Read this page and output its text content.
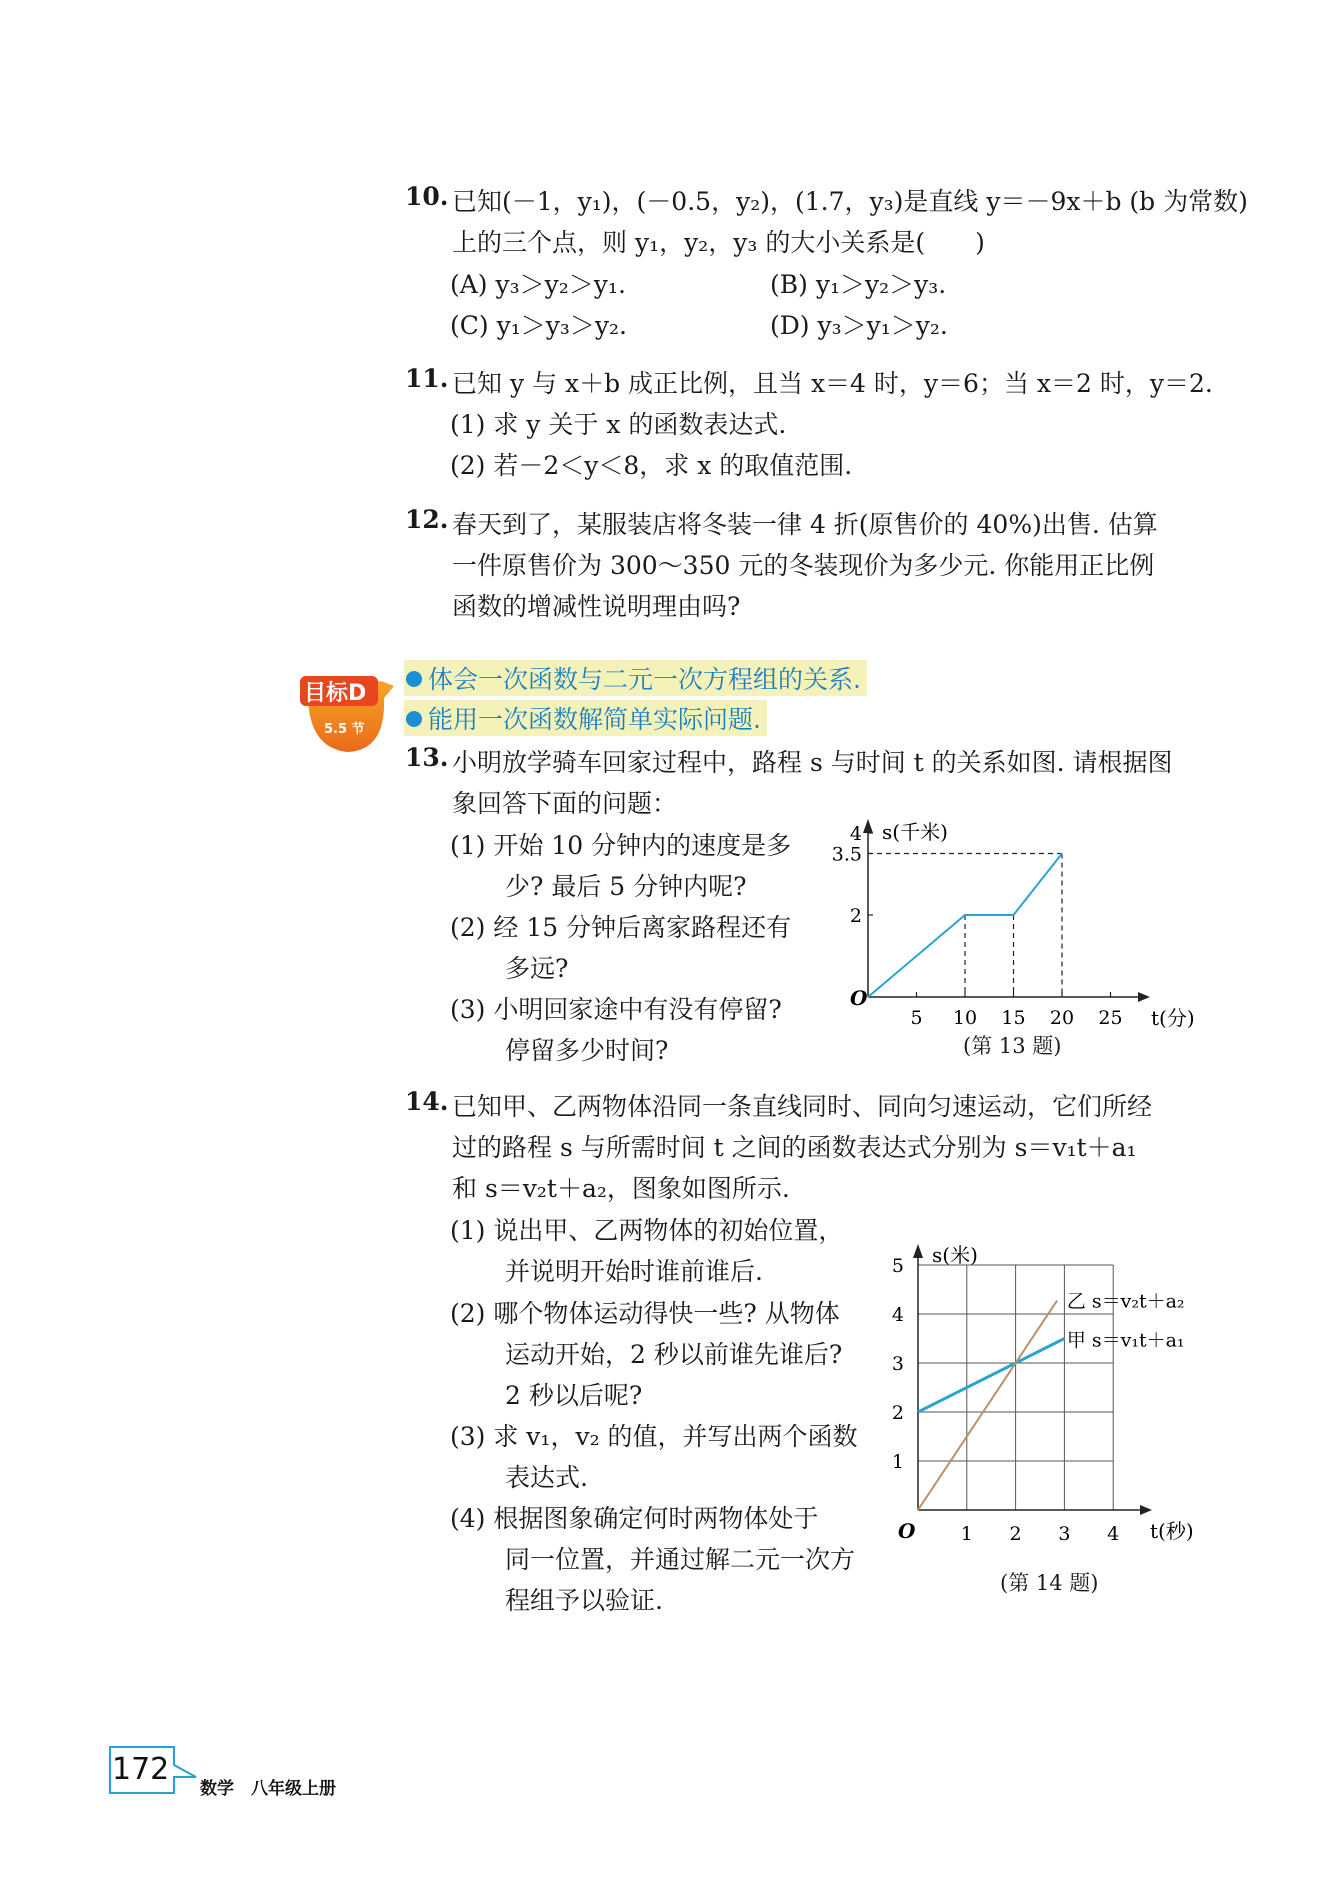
10. 已知(－1，y₁)，(－0.5，y₂)，(1.7，y₃)是直线 y＝－9x＋b (b 为常数)
上的三个点，则 y₁，y₂，y₃ 的大小关系是(　　)
(A) y₃＞y₂＞y₁.	(B) y₁＞y₂＞y₃.
(C) y₁＞y₃＞y₂.	(D) y₃＞y₁＞y₂.
11. 已知 y 与 x＋b 成正比例，且当 x＝4 时，y＝6；当 x＝2 时，y＝2.
(1) 求 y 关于 x 的函数表达式.
(2) 若－2＜y＜8，求 x 的取值范围.
12. 春天到了，某服装店将冬装一律 4 折(原售价的 40%)出售. 估算
一件原售价为 300～350 元的冬装现价为多少元. 你能用正比例
函数的增减性说明理由吗?
目标D
5.5 节
体会一次函数与二元一次方程组的关系.
能用一次函数解简单实际问题.
13. 小明放学骑车回家过程中，路程 s 与时间 t 的关系如图. 请根据图
象回答下面的问题：
(1) 开始 10 分钟内的速度是多
少? 最后 5 分钟内呢?
(2) 经 15 分钟后离家路程还有
多远?
(3) 小明回家途中有没有停留?
停留多少时间?
O
s(千米)
t(分)
5 10 15 20 25
2
3.5
4
(第 13 题)
14. 已知甲、乙两物体沿同一条直线同时、同向匀速运动，它们所经
过的路程 s 与所需时间 t 之间的函数表达式分别为 s＝v₁t＋a₁
和 s＝v₂t＋a₂，图象如图所示.
(1) 说出甲、乙两物体的初始位置，
并说明开始时谁前谁后.
(2) 哪个物体运动得快一些? 从物体
运动开始，2 秒以前谁先谁后?
2 秒以后呢?
(3) 求 v₁，v₂ 的值，并写出两个函数
表达式.
(4) 根据图象确定何时两物体处于
同一位置，并通过解二元一次方
程组予以验证.
O
s(米)
t(秒)
1 2 3 4
1
2
3
4
5
甲 s＝v₁t＋a₁
乙 s＝v₂t＋a₂
(第 14 题)
172
数学　八年级上册
